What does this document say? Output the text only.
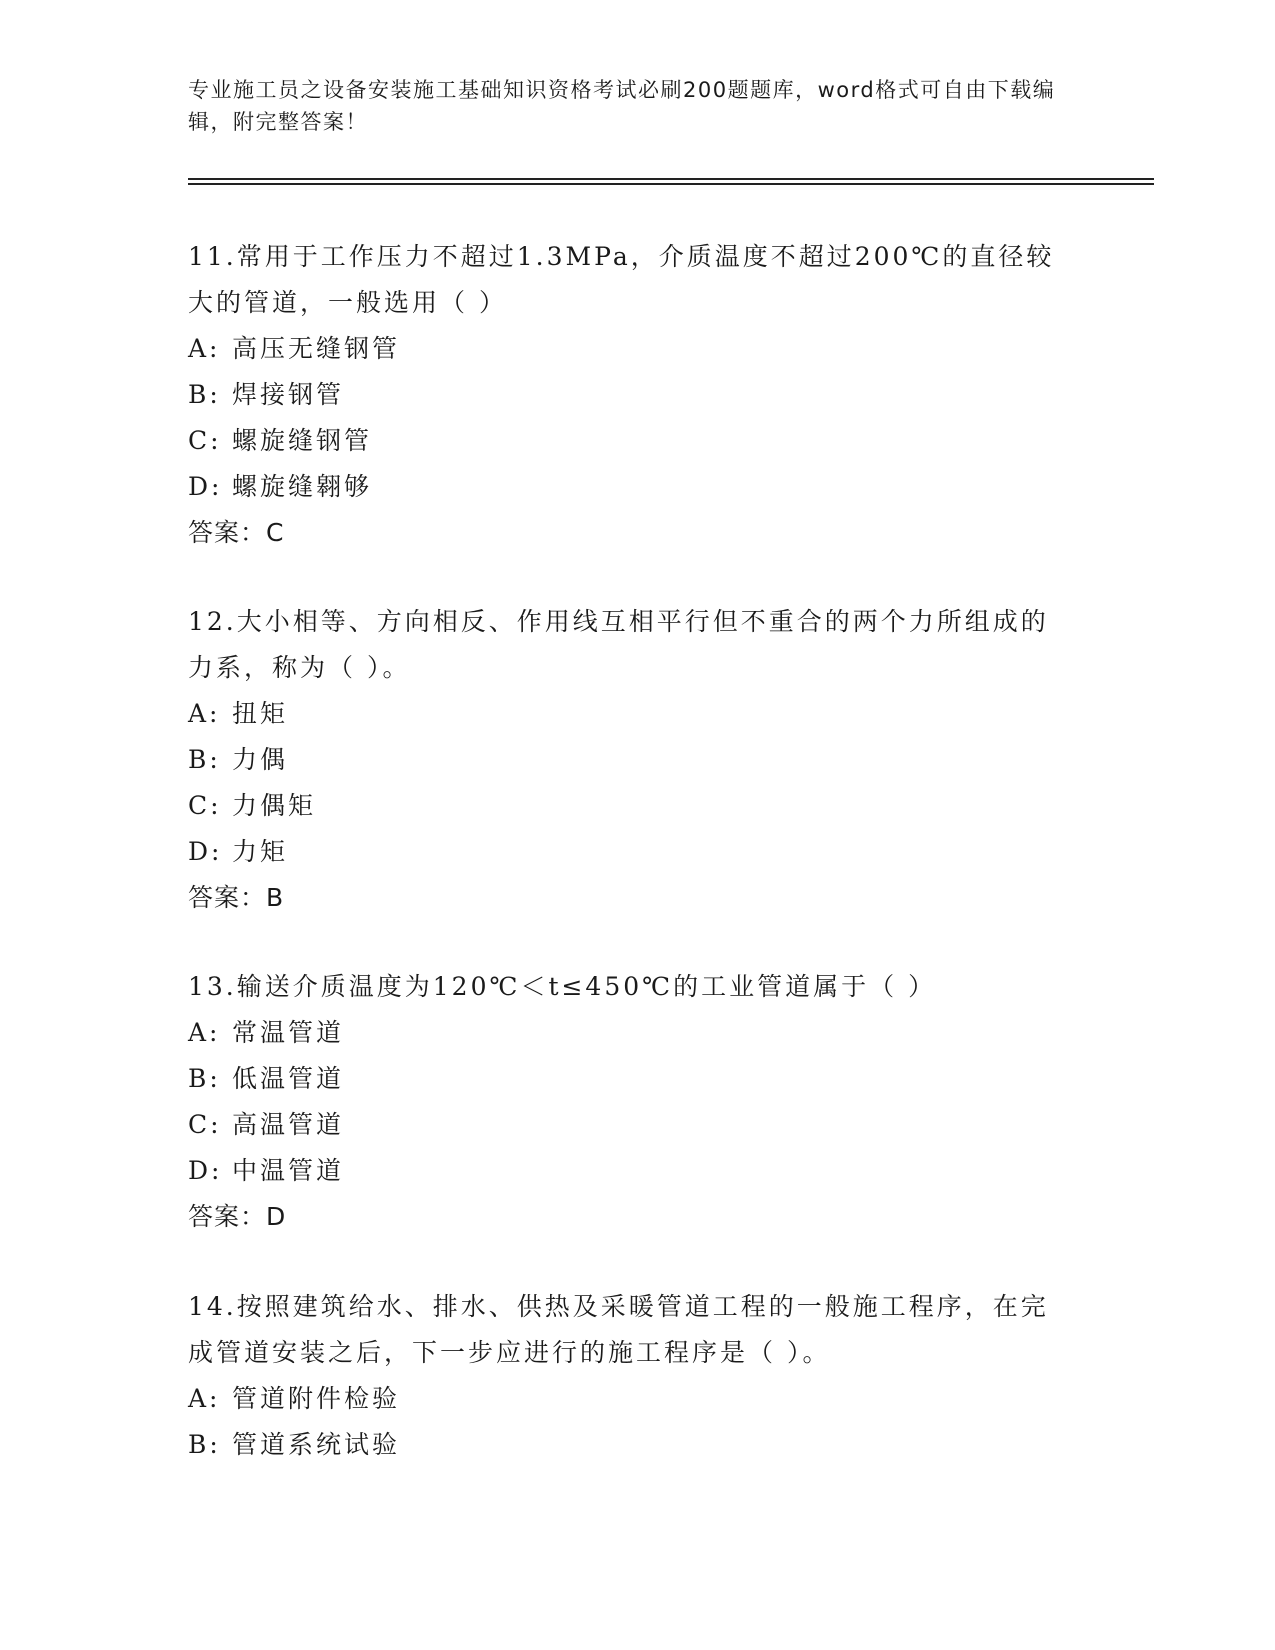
专业施工员之设备安装施工基础知识资格考试必刷200题题库，word格式可自由下载编辑，附完整答案！

11.常用于工作压力不超过1.3MPa，介质温度不超过200℃的直径较大的管道，一般选用（ ）

A: 高压无缝钢管

B: 焊接钢管

C: 螺旋缝钢管

D: 螺旋缝翱够

答案：C

12.大小相等、方向相反、作用线互相平行但不重合的两个力所组成的力系，称为（ ）。

A: 扭矩

B: 力偶

C: 力偶矩

D: 力矩

答案：B

13.输送介质温度为120℃＜t≤450℃的工业管道属于（ ）

A: 常温管道

B: 低温管道

C: 高温管道

D: 中温管道

答案：D

14.按照建筑给水、排水、供热及采暖管道工程的一般施工程序，在完成管道安装之后，下一步应进行的施工程序是（ ）。

A: 管道附件检验

B: 管道系统试验
